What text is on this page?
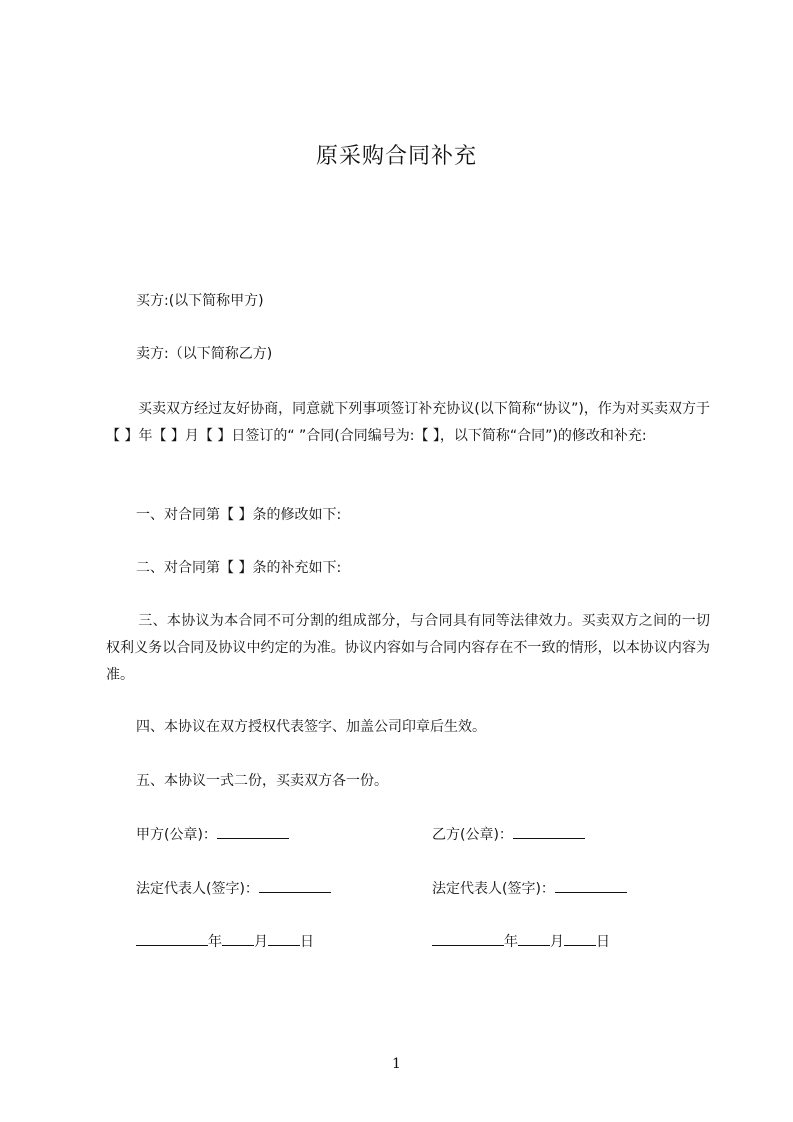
原采购合同补充
买方:(以下简称甲方)
卖方:（以下简称乙方)
买卖双方经过友好协商，同意就下列事项签订补充协议(以下简称“协议”)，作为对买卖双方于【 】年【 】月【 】日签订的“ ”合同(合同编号为:【 】，以下简称“合同”)的修改和补充:
一、对合同第【 】条的修改如下:
二、对合同第【 】条的补充如下:
三、本协议为本合同不可分割的组成部分，与合同具有同等法律效力。买卖双方之间的一切权利义务以合同及协议中约定的为准。协议内容如与合同内容存在不一致的情形，以本协议内容为准。
四、本协议在双方授权代表签字、加盖公司印章后生效。
五、本协议一式二份，买卖双方各一份。
甲方(公章)：	乙方(公章)：
法定代表人(签字)：	法定代表人(签字)：
年 月 日	年 月 日
1
